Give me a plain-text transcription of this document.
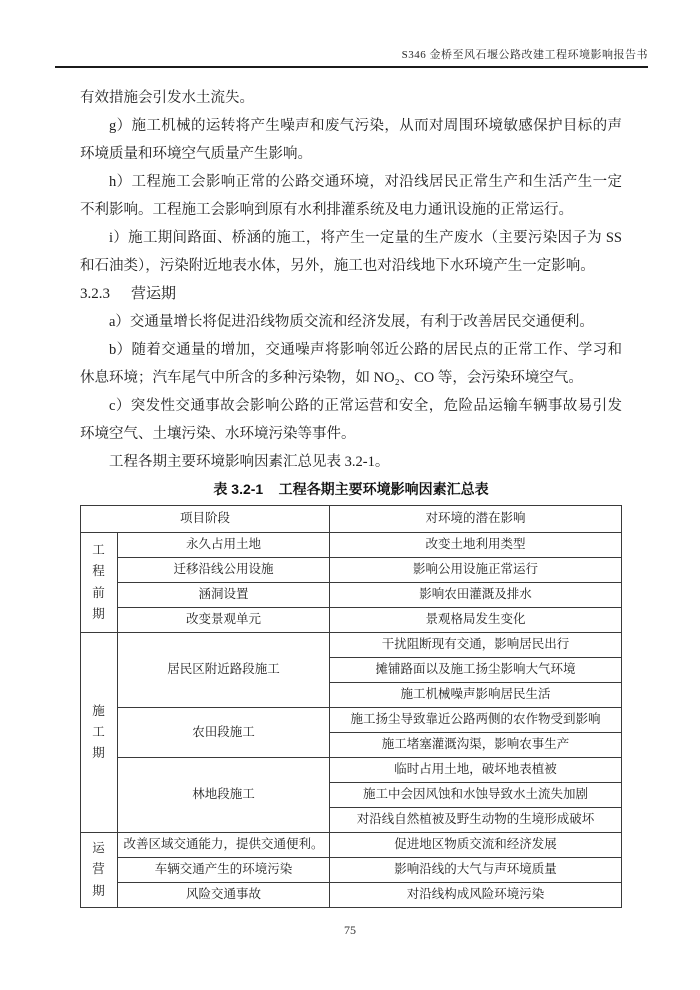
S346 金桥至风石堰公路改建工程环境影响报告书

有效措施会引发水土流失。

g）施工机械的运转将产生噪声和废气污染，从而对周围环境敏感保护目标的声环境质量和环境空气质量产生影响。

h）工程施工会影响正常的公路交通环境，对沿线居民正常生产和生活产生一定不利影响。工程施工会影响到原有水利排灌系统及电力通讯设施的正常运行。

i）施工期间路面、桥涵的施工，将产生一定量的生产废水（主要污染因子为 SS 和石油类），污染附近地表水体，另外，施工也对沿线地下水环境产生一定影响。

3.2.3 营运期

a）交通量增长将促进沿线物质交流和经济发展，有利于改善居民交通便利。

b）随着交通量的增加，交通噪声将影响邻近公路的居民点的正常工作、学习和休息环境；汽车尾气中所含的多种污染物，如 NO₂、CO 等，会污染环境空气。

c）突发性交通事故会影响公路的正常运营和安全，危险品运输车辆事故易引发环境空气、土壤污染、水环境污染等事件。

工程各期主要环境影响因素汇总见表 3.2-1。

表 3.2-1 工程各期主要环境影响因素汇总表
项目阶段		对环境的潜在影响

工程前期	永久占用土地	改变土地利用类型
	迁移沿线公用设施	影响公用设施正常运行
	涵洞设置	影响农田灌溉及排水
	改变景观单元	景观格局发生变化

施工期	居民区附近路段施工	干扰阻断现有交通，影响居民出行
		摊铺路面以及施工扬尘影响大气环境
		施工机械噪声影响居民生活
	农田段施工	施工扬尘导致靠近公路两侧的农作物受到影响
		施工堵塞灌溉沟渠，影响农事生产
	林地段施工	临时占用土地，破坏地表植被
		施工中会因风蚀和水蚀导致水土流失加剧
		对沿线自然植被及野生动物的生境形成破坏

运营期	改善区域交通能力，提供交通便利。	促进地区物质交流和经济发展
	车辆交通产生的环境污染	影响沿线的大气与声环境质量
	风险交通事故	对沿线构成风险环境污染
75
